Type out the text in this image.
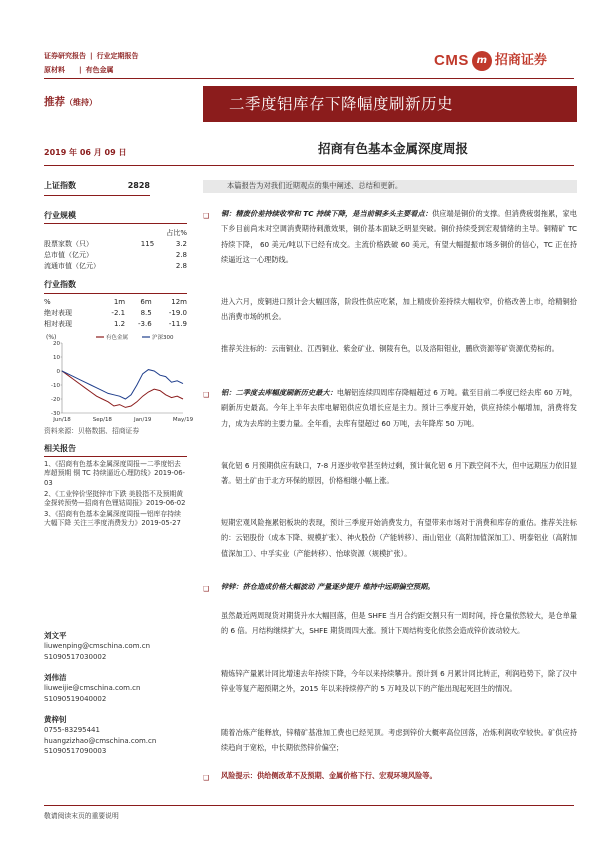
证券研究报告 | 行业定期报告
原材料 | 有色金属
CMS m 招商证券
推荐（维持）	二季度铝库存下降幅度刷新历史
2019 年 06 月 09 日	招商有色基本金属深度周报
上证指数	2828
行业规模
		占比%
股票家数（只）	115	3.2
总市值（亿元）		2.8
流通市值（亿元）		2.8
行业指数
%	1m	6m	12m
绝对表现	-2.1	8.5	-19.0
相对表现	1.2	-3.6	-11.9
(%)	有色金属	沪深300
20
10
0
-10
-20
-30
Jun/18	Sep/18	Jan/19	May/19
资料来源：贝格数据、招商证券
相关报告

1、《招商有色基本金属深度周报—二季度铝去库超预期 铜 TC 持续逼近心理防线》2019-06-03

2、《工业锌价坚挺锌市下跌 美股指不及预期黄金探转预势—招商有色锂钴周报》2019-06-02

3、《招商有色基本金属深度周报—铝库存持续大幅下降 关注三季度消费发力》2019-05-27

刘文平
liuwenping@cmschina.com.cn
S1090517030002
刘伟洁
liuweijie@cmschina.com.cn
S1090519040002
黄梓钊
0755-83295441
huangzizhao@cmschina.com.cn
S1090517090003
本篇报告为对我们近期观点的集中阐述、总结和更新。
❑	铜：精废价差持续收窄和 TC 持续下降，是当前铜多头主要看点：供应端是铜价的支撑。但消费疲弱拖累，家电下乡目前尚未对空调消费期待刺激效果，铜价基本面缺乏明显突破。铜价持续受到宏观情绪的主导。铜精矿 TC 持续下降， 60 美元/吨以下已经有成交。主流价格跌破 60 美元，有望大幅提振市场多铜价的信心，TC 正在持续逼近这一心理防线。
进入六月，废铜进口预计会大幅回落，阶段性供应吃紧，加上精废价差持续大幅收窄，价格改善上市，给精铜拾出消费市场的机会。
推荐关注标的：云南铜业、江西铜业、紫金矿业、铜陵有色，以及洛阳钼业，鹏欣资源等矿资源优势标的。
❑	铝：二季度去库幅度刷新历史最大：电解铝连续四周库存降幅超过 6 万吨。截至目前二季度已经去库 60 万吨，刷新历史最高。今年上半年去库电解铝供应负增长应是主力。预计三季度开始，供应持续小幅增加，消费将发力，成为去库的主要力量。全年看，去库有望超过 60 万吨，去年降库 50 万吨。
氧化铝 6 月预期供应有缺口，7-8 月逐步收窄甚至转过剩，预计氧化铝 6 月下跌空间不大，但中远期压力依旧显著。铝土矿由于北方环保的原因，价格相继小幅上涨。
短期宏观风险拖累铝板块的表现，预计三季度开始消费发力，有望带来市场对于消费和库存的重估。推荐关注标的：云铝股份（成本下降、规模扩张）、神火股份（产能转移）、南山铝业（高附加值深加工）、明泰铝业（高附加值深加工）、中孚实业（产能转移）、怡球资源（规模扩张）。
❑	锌锌：挤仓造成价格大幅波动 产量逐步提升 维持中远期偏空预期。
虽然最近两周现货对期货升水大幅回落，但是 SHFE 当月合约距交割只有一周时间，持仓量依然较大，是仓单量的 6 倍。月结构继续扩大，SHFE 期货周四大涨。预计下周结构变化依然会造成锌价波动较大。
精炼锌产量累计同比增速去年持续下降，今年以来持续攀升。预计到 6 月累计同比转正，利润趋势下，除了汉中锌业等复产超预期之外，2015 年以来持续停产的 5 万吨及以下的产能出现起死回生的情况。
随着冶炼产能释放，锌精矿基准加工费也已经见顶。考虑到锌价大概率高位回落，冶炼利润收窄较快。矿供应持续趋向于宽松，中长期依然锌价偏空；
❑	风险提示：供给侧改革不及预期、金属价格下行、宏观环境风险等。
敬请阅读末页的重要说明
